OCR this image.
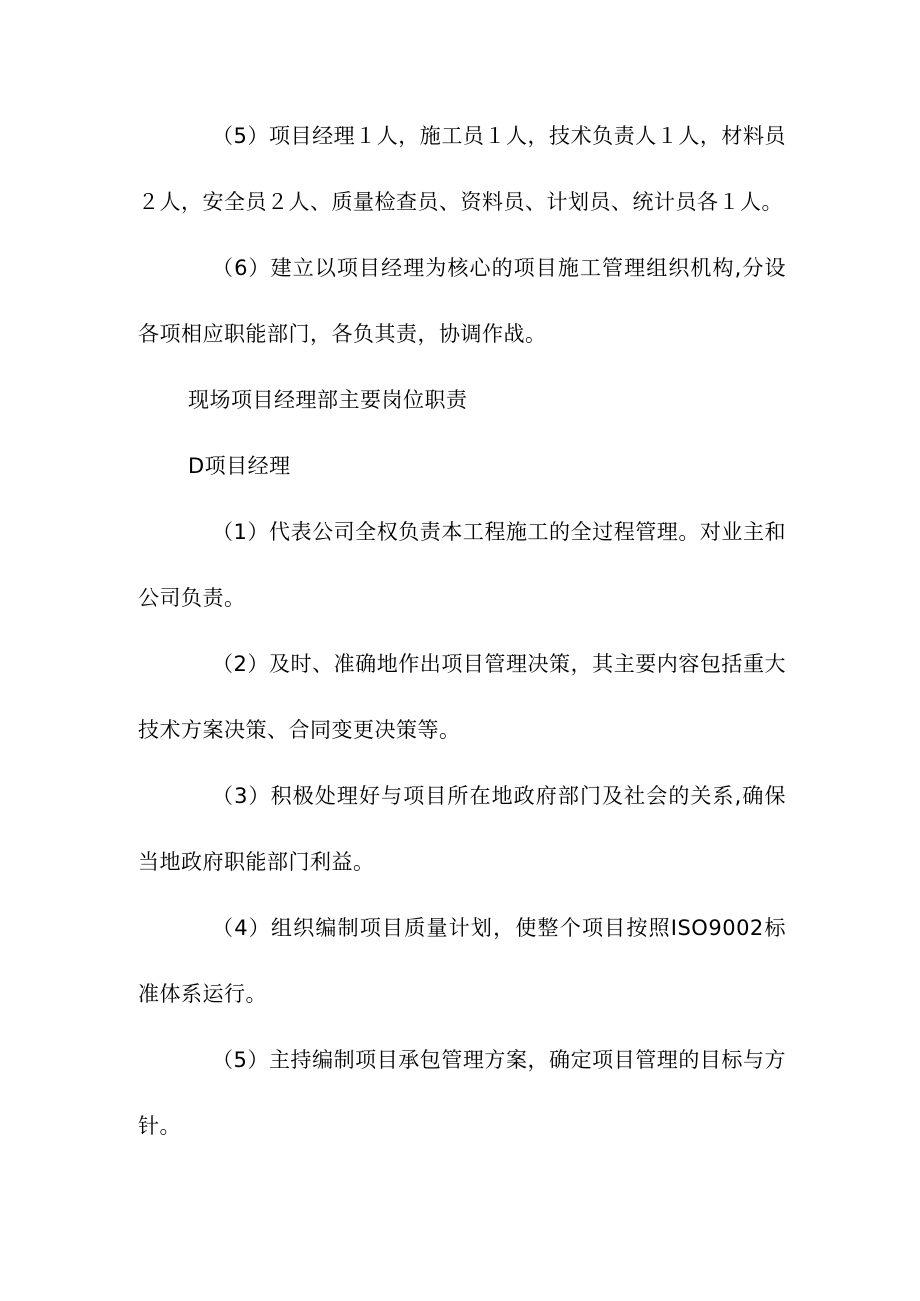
（5）项目经理１人，施工员１人，技术负责人１人，材料员２人，安全员２人、质量检查员、资料员、计划员、统计员各１人。

（6）建立以项目经理为核心的项目施工管理组织机构,分设各项相应职能部门，各负其责，协调作战。

现场项目经理部主要岗位职责

D项目经理

（1）代表公司全权负责本工程施工的全过程管理。对业主和公司负责。

（2）及时、准确地作出项目管理决策，其主要内容包括重大技术方案决策、合同变更决策等。

（3）积极处理好与项目所在地政府部门及社会的关系,确保当地政府职能部门利益。

（4）组织编制项目质量计划，使整个项目按照ISO9002标准体系运行。

（5）主持编制项目承包管理方案，确定项目管理的目标与方针。
